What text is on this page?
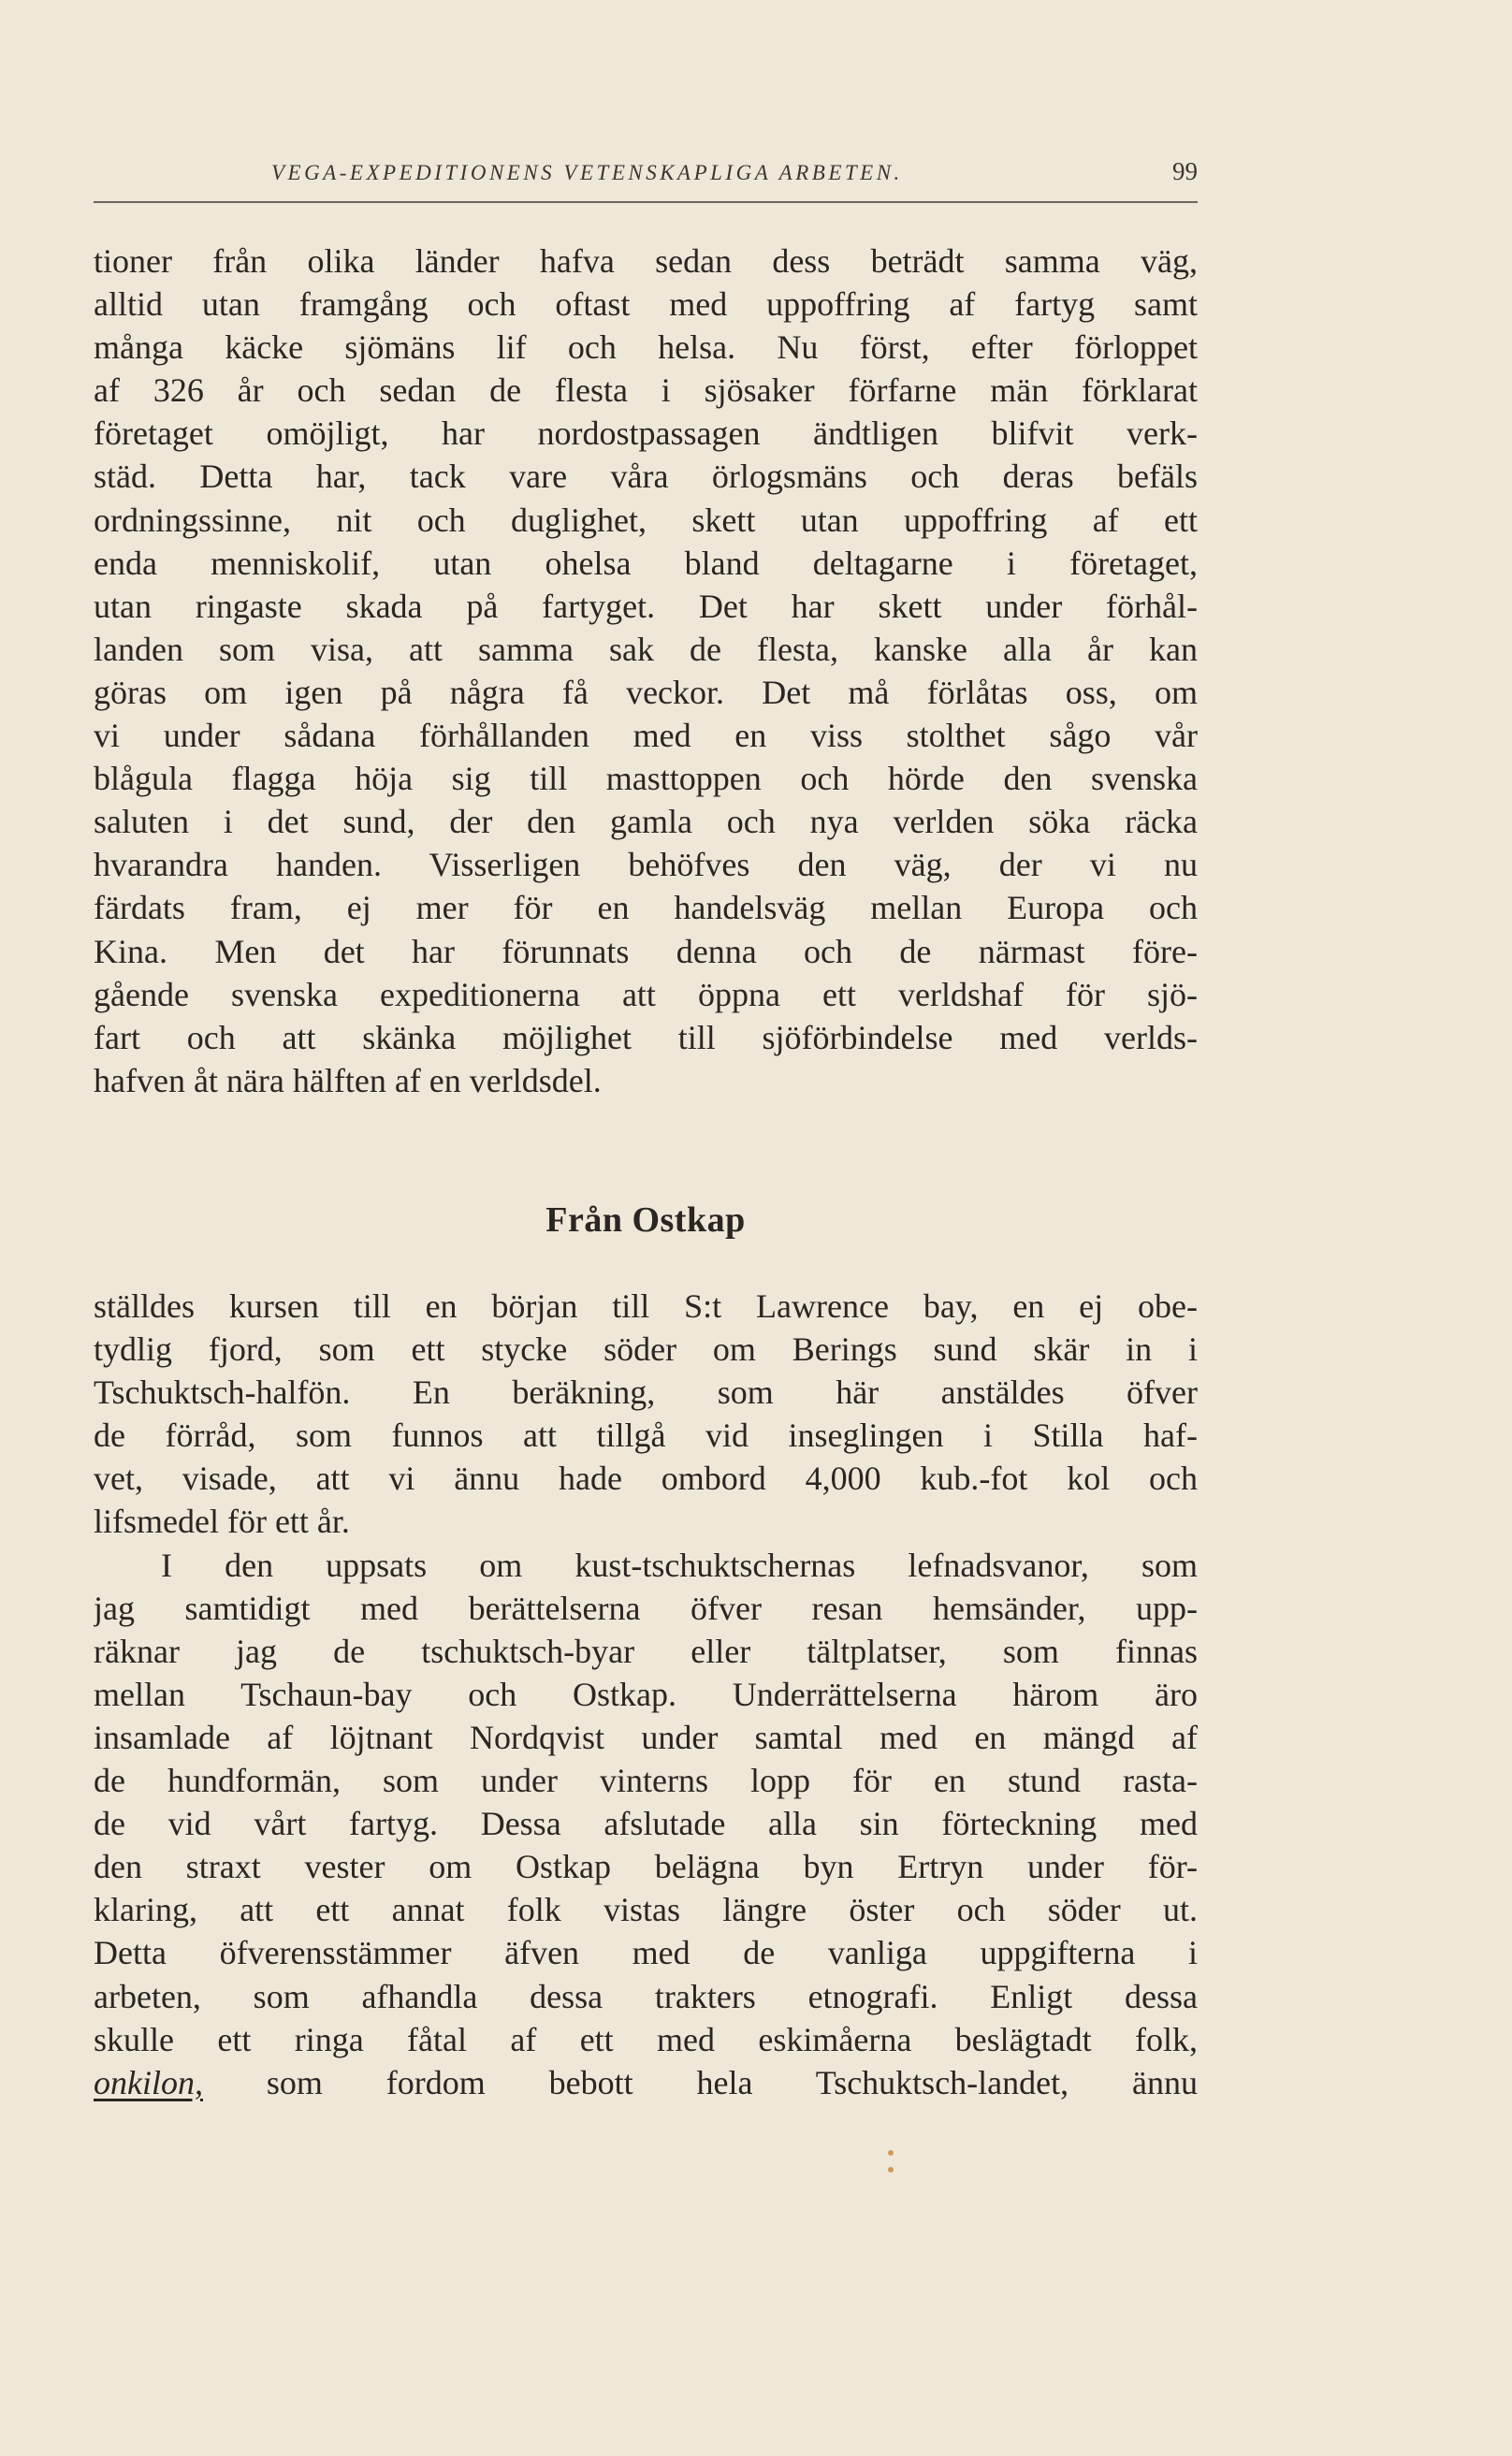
VEGA-EXPEDITIONENS VETENSKAPLIGA ARBETEN.	99
tioner från olika länder hafva sedan dess beträdt samma väg,
alltid utan framgång och oftast med uppoffring af fartyg samt
många käcke sjömäns lif och helsa. Nu först, efter förloppet
af 326 år och sedan de flesta i sjösaker förfarne män förklarat
företaget omöjligt, har nordostpassagen ändtligen blifvit verk-
städ. Detta har, tack vare våra örlogsmäns och deras befäls
ordningssinne, nit och duglighet, skett utan uppoffring af ett
enda menniskolif, utan ohelsa bland deltagarne i företaget,
utan ringaste skada på fartyget. Det har skett under förhål-
landen som visa, att samma sak de flesta, kanske alla år kan
göras om igen på några få veckor. Det må förlåtas oss, om
vi under sådana förhållanden med en viss stolthet sågo vår
blågula flagga höja sig till masttoppen och hörde den svenska
saluten i det sund, der den gamla och nya verlden söka räcka
hvarandra handen. Visserligen behöfves den väg, der vi nu
färdats fram, ej mer för en handelsväg mellan Europa och
Kina. Men det har förunnats denna och de närmast före-
gående svenska expeditionerna att öppna ett verldshaf för sjö-
fart och att skänka möjlighet till sjöförbindelse med verlds-
hafven åt nära hälften af en verldsdel.
Från Ostkap
ställdes kursen till en början till S:t Lawrence bay, en ej obe-
tydlig fjord, som ett stycke söder om Berings sund skär in i
Tschuktsch-halfön. En beräkning, som här anstäldes öfver
de förråd, som funnos att tillgå vid inseglingen i Stilla haf-
vet, visade, att vi ännu hade ombord 4,000 kub.-fot kol och
lifsmedel för ett år.
I den uppsats om kust-tschuktschernas lefnadsvanor, som
jag samtidigt med berättelserna öfver resan hemsänder, upp-
räknar jag de tschuktsch-byar eller tältplatser, som finnas
mellan Tschaun-bay och Ostkap. Underrättelserna härom äro
insamlade af löjtnant Nordqvist under samtal med en mängd af
de hundformän, som under vinterns lopp för en stund rasta-
de vid vårt fartyg. Dessa afslutade alla sin förteckning med
den straxt vester om Ostkap belägna byn Ertryn under för-
klaring, att ett annat folk vistas längre öster och söder ut.
Detta öfverensstämmer äfven med de vanliga uppgifterna i
arbeten, som afhandla dessa trakters etnografi. Enligt dessa
skulle ett ringa fåtal af ett med eskimåerna beslägtadt folk,
onkilon, som fordom bebott hela Tschuktsch-landet, ännu
